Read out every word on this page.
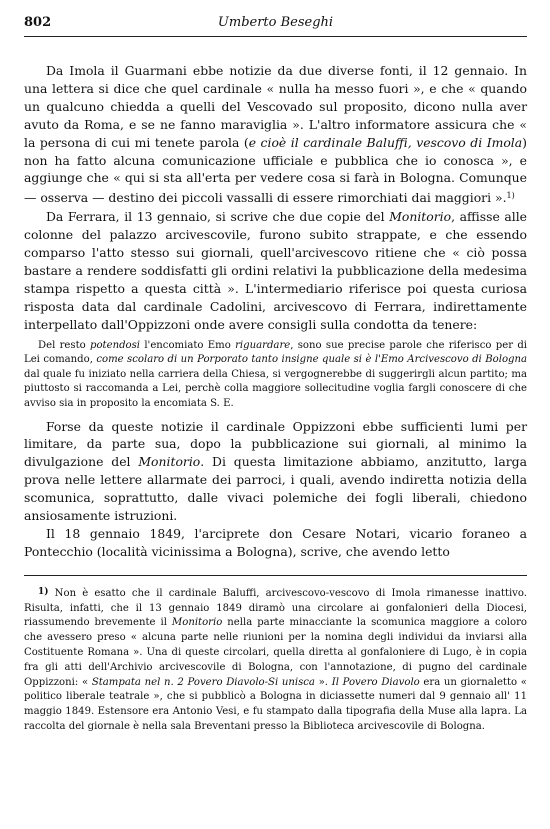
802	Umberto Beseghi

Da Imola il Guarmani ebbe notizie da due diverse fonti, il 12 gennaio. In una lettera si dice che quel cardinale « nulla ha messo fuori », e che « quando un qualcuno chiedda a quelli del Vescovado sul proposito, dicono nulla aver avuto da Roma, e se ne fanno maraviglia ». L'altro informatore assicura che « la persona di cui mi tenete parola (e cioè il cardinale Baluffi, vescovo di Imola) non ha fatto alcuna comunicazione ufficiale e pubblica che io conosca », e aggiunge che « qui si sta all'erta per vedere cosa si farà in Bologna. Comunque — osserva — destino dei piccoli vassalli di essere rimorchiati dai maggiori ».$^{1)}$

Da Ferrara, il 13 gennaio, si scrive che due copie del Monitorio, affisse alle colonne del palazzo arcivescovile, furono subito strappate, e che essendo comparso l'atto stesso sui giornali, quell'arcivescovo ritiene che « ciò possa bastare a rendere soddisfatti gli ordini relativi la pubblicazione della medesima stampa rispetto a questa città ». L'intermediario riferisce poi questa curiosa risposta data dal cardinale Cadolini, arcivescovo di Ferrara, indirettamente interpellato dall'Oppizzoni onde avere consigli sulla condotta da tenere:

Del resto potendosi l'encomiato Emo riguardare, sono sue precise parole che riferisco per di Lei comando, come scolaro di un Porporato tanto insigne quale si è l'Emo Arcivescovo di Bologna dal quale fu iniziato nella carriera della Chiesa, si vergognerebbe di suggerirgli alcun partito; ma piuttosto si raccomanda a Lei, perchè colla maggiore sollecitudine voglia fargli conoscere di che avviso sia in proposito la encomiata S. E.

Forse da queste notizie il cardinale Oppizzoni ebbe sufficienti lumi per limitare, da parte sua, dopo la pubblicazione sui giornali, al minimo la divulgazione del Monitorio. Di questa limitazione abbiamo, anzitutto, larga prova nelle lettere allarmate dei parroci, i quali, avendo indiretta notizia della scomunica, soprattutto, dalle vivaci polemiche dei fogli liberali, chiedono ansiosamente istruzioni.

Il 18 gennaio 1849, l'arciprete don Cesare Notari, vicario foraneo a Pontecchio (località vicinissima a Bologna), scrive, che avendo letto

1) Non è esatto che il cardinale Baluffi, arcivescovo-vescovo di Imola rimanesse inattivo. Risulta, infatti, che il 13 gennaio 1849 diramò una circolare ai gonfalonieri della Diocesi, riassumendo brevemente il Monitorio nella parte minacciante la scomunica maggiore a coloro che avessero preso « alcuna parte nelle riunioni per la nomina degli individui da inviarsi alla Costituente Romana ». Una di queste circolari, quella diretta al gonfaloniere di Lugo, è in copia fra gli atti dell'Archivio arcivescovile di Bologna, con l'annotazione, di pugno del cardinale Oppizzoni: « Stampata nel n. 2 Povero Diavolo-Si unisca ». Il Povero Diavolo era un giornaletto « politico liberale teatrale », che si pubblicò a Bologna in diciassette numeri dal 9 gennaio all' 11 maggio 1849. Estensore era Antonio Vesi, e fu stampato dalla tipografia della Muse alla lapra. La raccolta del giornale è nella sala Breventani presso la Biblioteca arcivescovile di Bologna.
